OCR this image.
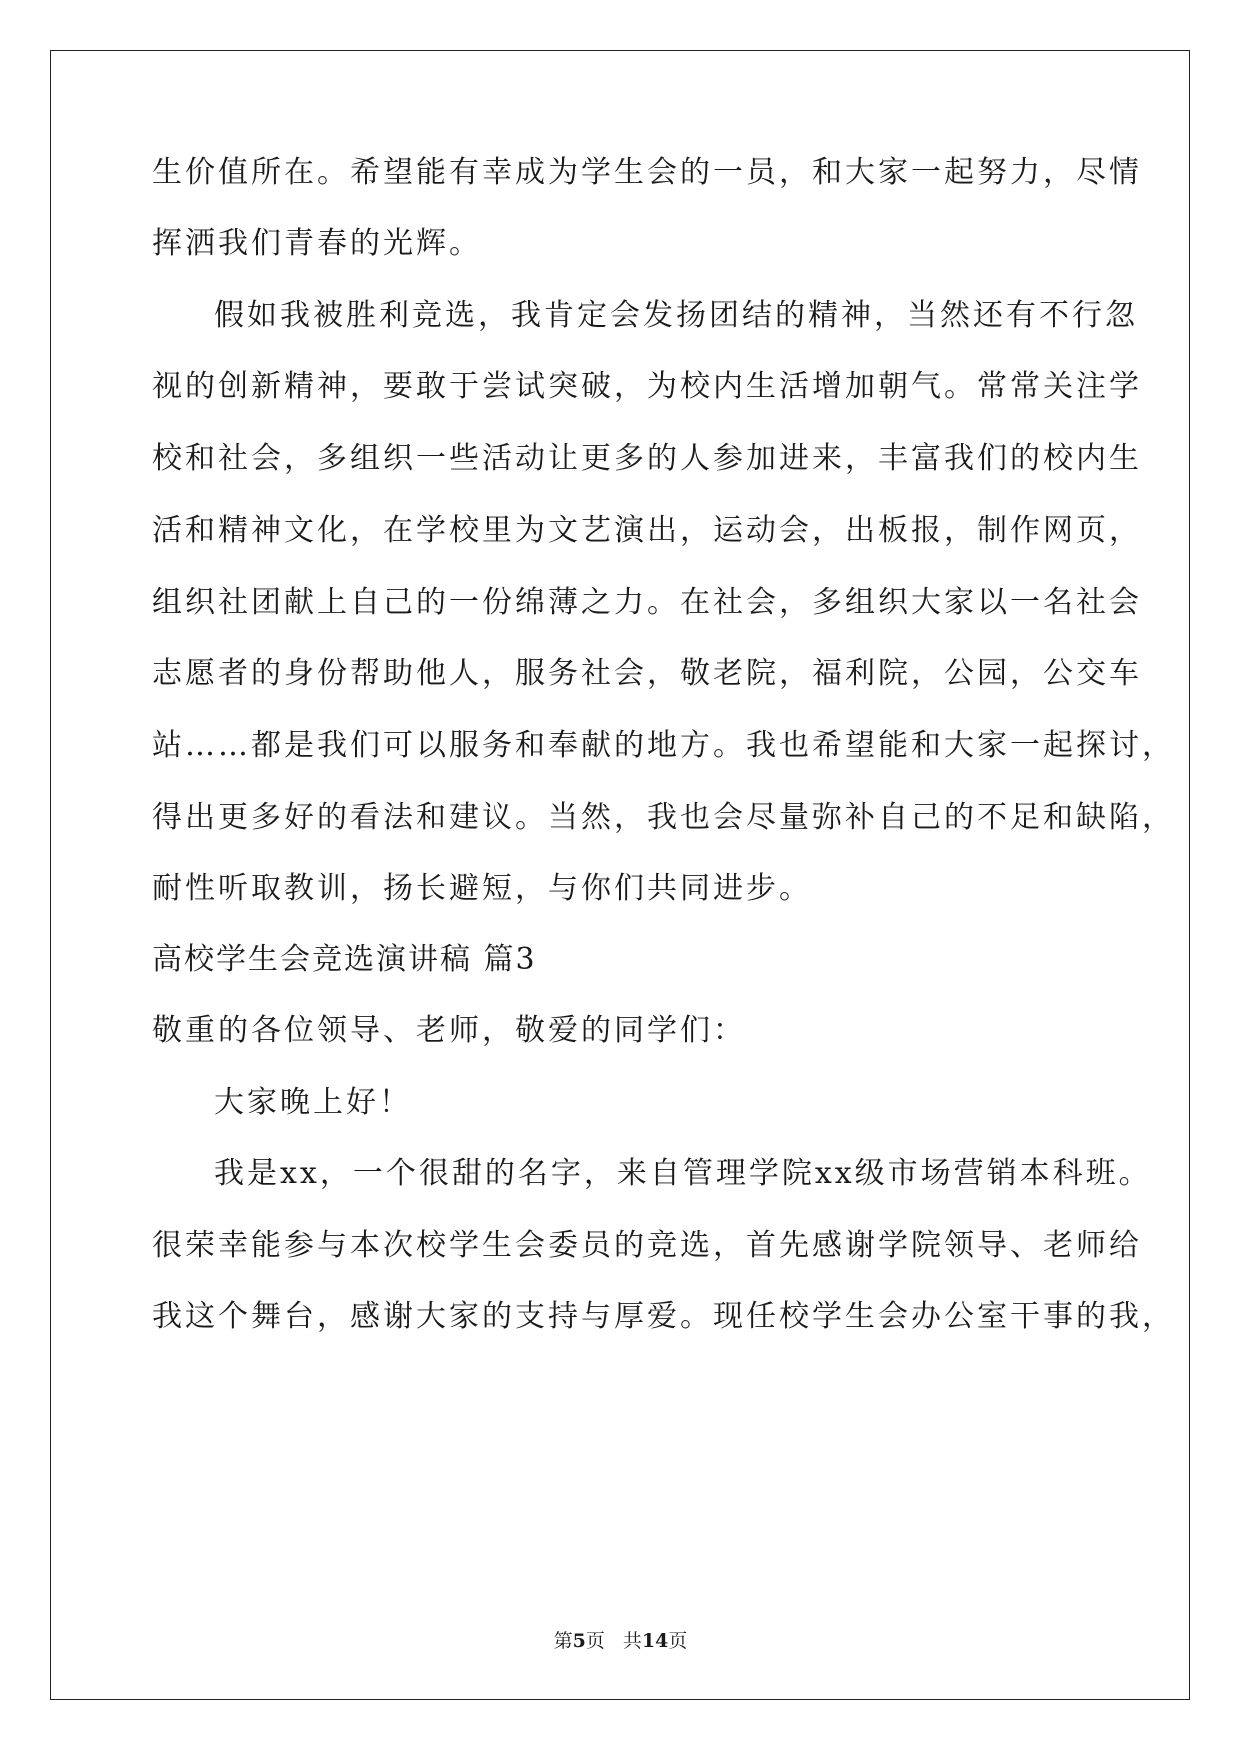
生价值所在。希望能有幸成为学生会的一员，和大家一起努力，尽情
挥洒我们青春的光辉。
假如我被胜利竞选，我肯定会发扬团结的精神，当然还有不行忽
视的创新精神，要敢于尝试突破，为校内生活增加朝气。常常关注学
校和社会，多组织一些活动让更多的人参加进来，丰富我们的校内生
活和精神文化，在学校里为文艺演出，运动会，出板报，制作网页，
组织社团献上自己的一份绵薄之力。在社会，多组织大家以一名社会
志愿者的身份帮助他人，服务社会，敬老院，福利院，公园，公交车
站……都是我们可以服务和奉献的地方。我也希望能和大家一起探讨，
得出更多好的看法和建议。当然，我也会尽量弥补自己的不足和缺陷，
耐性听取教训，扬长避短，与你们共同进步。
高校学生会竞选演讲稿 篇3
敬重的各位领导、老师，敬爱的同学们：
大家晚上好！
我是xx，一个很甜的名字，来自管理学院xx级市场营销本科班。
很荣幸能参与本次校学生会委员的竞选，首先感谢学院领导、老师给
我这个舞台，感谢大家的支持与厚爱。现任校学生会办公室干事的我，
第5页 共14页
